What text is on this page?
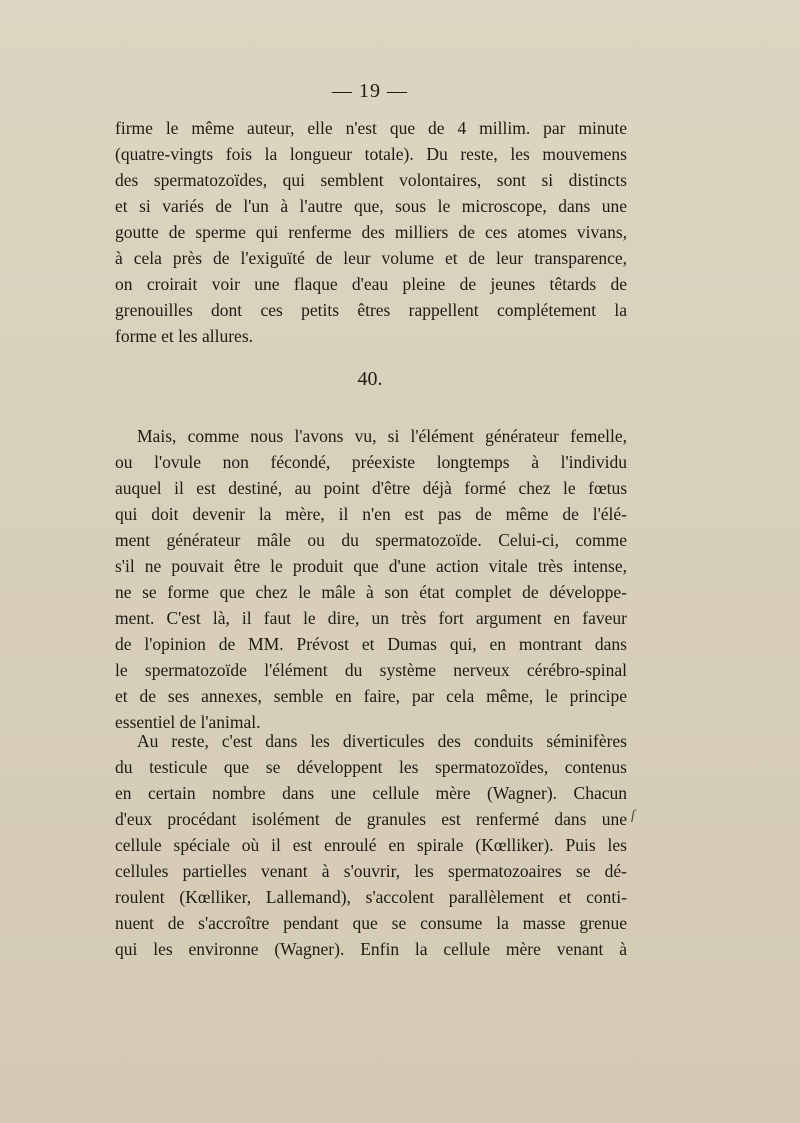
— 19 —
firme le même auteur, elle n'est que de 4 millim. par minute
(quatre-vingts fois la longueur totale). Du reste, les mouvemens
des spermatozoïdes, qui semblent volontaires, sont si distincts
et si variés de l'un à l'autre que, sous le microscope, dans une
goutte de sperme qui renferme des milliers de ces atomes vivans,
à cela près de l'exiguïté de leur volume et de leur transparence,
on croirait voir une flaque d'eau pleine de jeunes têtards de
grenouilles dont ces petits êtres rappellent complétement la
forme et les allures.
40.
Mais, comme nous l'avons vu, si l'élément générateur femelle,
ou l'ovule non fécondé, préexiste longtemps à l'individu
auquel il est destiné, au point d'être déjà formé chez le fœtus
qui doit devenir la mère, il n'en est pas de même de l'élé-
ment générateur mâle ou du spermatozoïde. Celui-ci, comme
s'il ne pouvait être le produit que d'une action vitale très intense,
ne se forme que chez le mâle à son état complet de développe-
ment. C'est là, il faut le dire, un très fort argument en faveur
de l'opinion de MM. Prévost et Dumas qui, en montrant dans
le spermatozoïde l'élément du système nerveux cérébro-spinal
et de ses annexes, semble en faire, par cela même, le principe
essentiel de l'animal.
Au reste, c'est dans les diverticules des conduits séminifères
du testicule que se développent les spermatozoïdes, contenus
en certain nombre dans une cellule mère (Wagner). Chacun
d'eux procédant isolément de granules est renfermé dans une
cellule spéciale où il est enroulé en spirale (Kœlliker). Puis les
cellules partielles venant à s'ouvrir, les spermatozoaires se dé-
roulent (Kœlliker, Lallemand), s'accolent parallèlement et conti-
nuent de s'accroître pendant que se consume la masse grenue
qui les environne (Wagner). Enfin la cellule mère venant à
ſ
